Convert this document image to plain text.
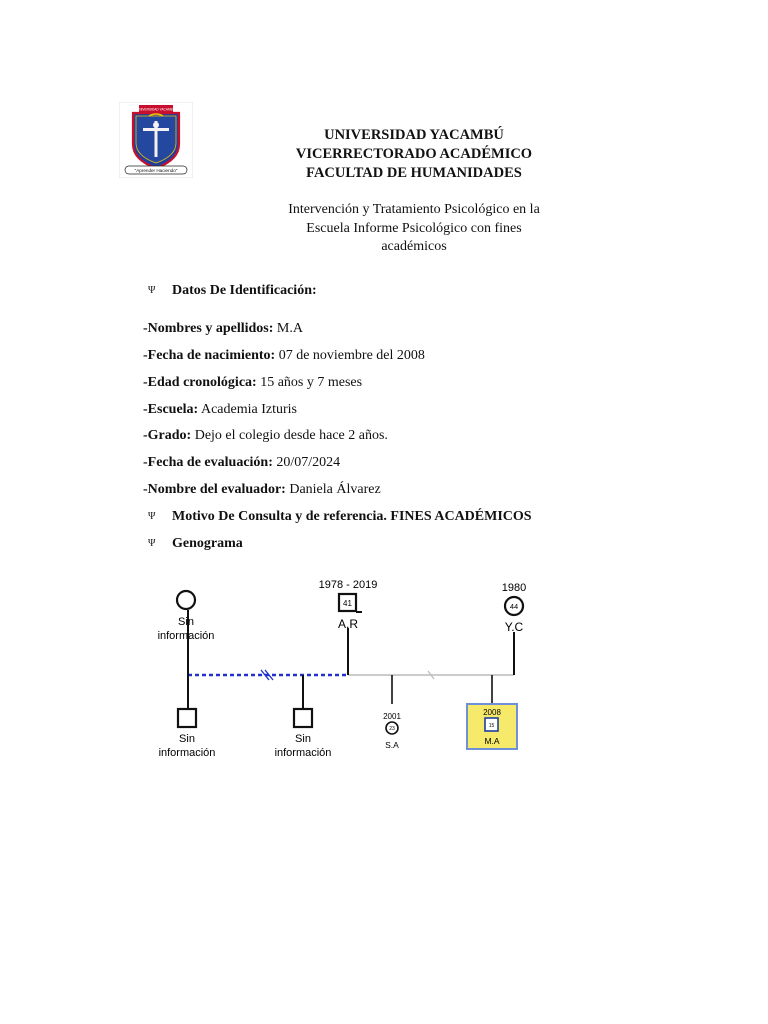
UNIVERSIDAD YACAMBÚ
"Aprender Haciendo"
UNIVERSIDAD YACAMBÚ
VICERRECTORADO ACADÉMICO
FACULTAD DE HUMANIDADES
Intervención y Tratamiento Psicológico en la
Escuela Informe Psicológico con fines
académicos
Ψ Datos De Identificación:
-Nombres y apellidos: M.A
-Fecha de nacimiento: 07 de noviembre del 2008
-Edad cronológica: 15 años y 7 meses
-Escuela: Academia Izturis
-Grado: Dejo el colegio desde hace 2 años.
-Fecha de evaluación: 20/07/2024
-Nombre del evaluador: Daniela Álvarez
Ψ Motivo De Consulta y de referencia. FINES ACADÉMICOS
Ψ Genograma
Sin
información
1978 - 2019
41
A.R
1980
44
Y.C
Sin
información
Sin
información
2001
23
S.A
2008
15
M.A
